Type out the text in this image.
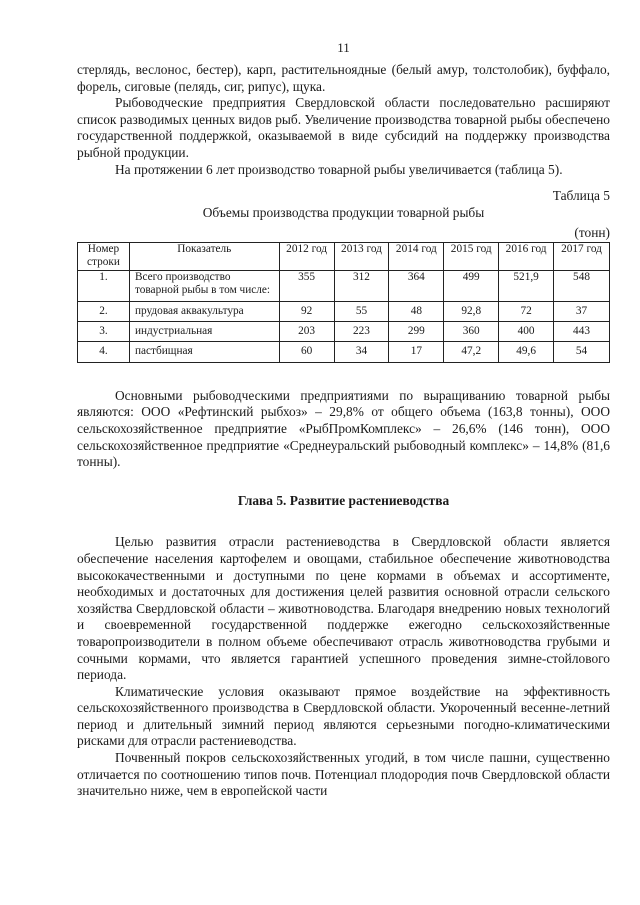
11

стерлядь, веслонос, бестер), карп, растительноядные (белый амур, толстолобик), буффало, форель, сиговые (пелядь, сиг, рипус), щука.

Рыбоводческие предприятия Свердловской области последовательно расширяют список разводимых ценных видов рыб. Увеличение производства товарной рыбы обеспечено государственной поддержкой, оказываемой в виде субсидий на поддержку производства рыбной продукции.

На протяжении 6 лет производство товарной рыбы увеличивается (таблица 5).

Таблица 5
Объемы производства продукции товарной рыбы
(тонн)
Номер строки	Показатель	2012 год	2013 год	2014 год	2015 год	2016 год	2017 год
1.	Всего производство товарной рыбы в том числе:	355	312	364	499	521,9	548
2.	прудовая аквакультура	92	55	48	92,8	72	37
3.	индустриальная	203	223	299	360	400	443
4.	пастбищная	60	34	17	47,2	49,6	54

Основными рыбоводческими предприятиями по выращиванию товарной рыбы являются: ООО «Рефтинский рыбхоз» – 29,8% от общего объема (163,8 тонны), ООО сельскохозяйственное предприятие «РыбПромКомплекс» – 26,6% (146 тонн), ООО сельскохозяйственное предприятие «Среднеуральский рыбоводный комплекс» – 14,8% (81,6 тонны).

Глава 5. Развитие растениеводства

Целью развития отрасли растениеводства в Свердловской области является обеспечение населения картофелем и овощами, стабильное обеспечение животноводства высококачественными и доступными по цене кормами в объемах и ассортименте, необходимых и достаточных для достижения целей развития основной отрасли сельского хозяйства Свердловской области – животноводства. Благодаря внедрению новых технологий и своевременной государственной поддержке ежегодно сельскохозяйственные товаропроизводители в полном объеме обеспечивают отрасль животноводства грубыми и сочными кормами, что является гарантией успешного проведения зимне-стойлового периода.

Климатические условия оказывают прямое воздействие на эффективность сельскохозяйственного производства в Свердловской области. Укороченный весенне-летний период и длительный зимний период являются серьезными погодно-климатическими рисками для отрасли растениеводства.

Почвенный покров сельскохозяйственных угодий, в том числе пашни, существенно отличается по соотношению типов почв. Потенциал плодородия почв Свердловской области значительно ниже, чем в европейской части
